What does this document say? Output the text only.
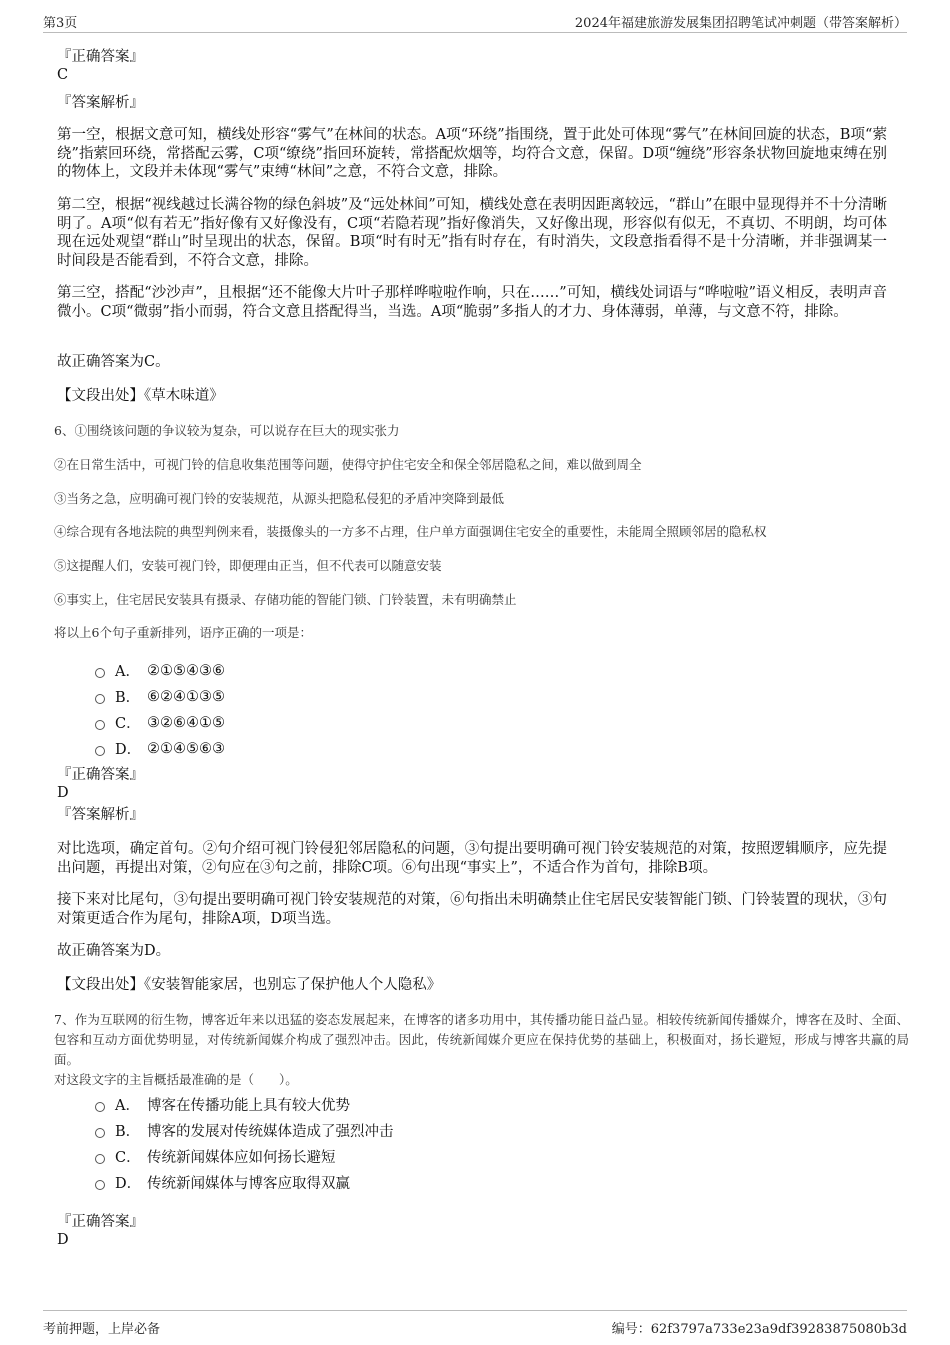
第3页	2024年福建旅游发展集团招聘笔试冲刺题（带答案解析）
『正确答案』
C
『答案解析』
第一空，根据文意可知，横线处形容“雾气”在林间的状态。A项“环绕”指围绕，置于此处可体现“雾气”在林间回旋的状态，B项“萦绕”指萦回环绕，常搭配云雾，C项“缭绕”指回环旋转，常搭配炊烟等，均符合文意，保留。D项“缠绕”形容条状物回旋地束缚在别的物体上，文段并未体现“雾气”束缚“林间”之意，不符合文意，排除。
第二空，根据“视线越过长满谷物的绿色斜坡”及“远处林间”可知，横线处意在表明因距离较远，“群山”在眼中显现得并不十分清晰明了。A项“似有若无”指好像有又好像没有，C项“若隐若现”指好像消失，又好像出现，形容似有似无，不真切、不明朗，均可体现在远处观望“群山”时呈现出的状态，保留。B项“时有时无”指有时存在，有时消失，文段意指看得不是十分清晰，并非强调某一时间段是否能看到，不符合文意，排除。
第三空，搭配“沙沙声”，且根据“还不能像大片叶子那样哗啦啦作响，只在……”可知，横线处词语与“哗啦啦”语义相反，表明声音微小。C项“微弱”指小而弱，符合文意且搭配得当，当选。A项“脆弱”多指人的才力、身体薄弱，单薄，与文意不符，排除。
故正确答案为C。
【文段出处】《草木味道》
6、①围绕该问题的争议较为复杂，可以说存在巨大的现实张力
②在日常生活中，可视门铃的信息收集范围等问题，使得守护住宅安全和保全邻居隐私之间，难以做到周全
③当务之急，应明确可视门铃的安装规范，从源头把隐私侵犯的矛盾冲突降到最低
④综合现有各地法院的典型判例来看，装摄像头的一方多不占理，住户单方面强调住宅安全的重要性，未能周全照顾邻居的隐私权
⑤这提醒人们，安装可视门铃，即便理由正当，但不代表可以随意安装
⑥事实上，住宅居民安装具有摄录、存储功能的智能门锁、门铃装置，未有明确禁止
将以上6个句子重新排列，语序正确的一项是：
A． ②①⑤④③⑥
B． ⑥②④①③⑤
C． ③②⑥④①⑤
D． ②①④⑤⑥③
『正确答案』
D
『答案解析』
对比选项，确定首句。②句介绍可视门铃侵犯邻居隐私的问题，③句提出要明确可视门铃安装规范的对策，按照逻辑顺序，应先提出问题，再提出对策，②句应在③句之前，排除C项。⑥句出现“事实上”，不适合作为首句，排除B项。
接下来对比尾句，③句提出要明确可视门铃安装规范的对策，⑥句指出未明确禁止住宅居民安装智能门锁、门铃装置的现状，③句对策更适合作为尾句，排除A项，D项当选。
故正确答案为D。
【文段出处】《安装智能家居，也别忘了保护他人个人隐私》
7、作为互联网的衍生物，博客近年来以迅猛的姿态发展起来，在博客的诸多功用中，其传播功能日益凸显。相较传统新闻传播媒介，博客在及时、全面、包容和互动方面优势明显，对传统新闻媒介构成了强烈冲击。因此，传统新闻媒介更应在保持优势的基础上，积极面对，扬长避短，形成与博客共赢的局面。
对这段文字的主旨概括最准确的是（　　）。
A． 博客在传播功能上具有较大优势
B． 博客的发展对传统媒体造成了强烈冲击
C． 传统新闻媒体应如何扬长避短
D． 传统新闻媒体与博客应取得双赢
『正确答案』
D
考前押题，上岸必备	编号：62f3797a733e23a9df39283875080b3d
